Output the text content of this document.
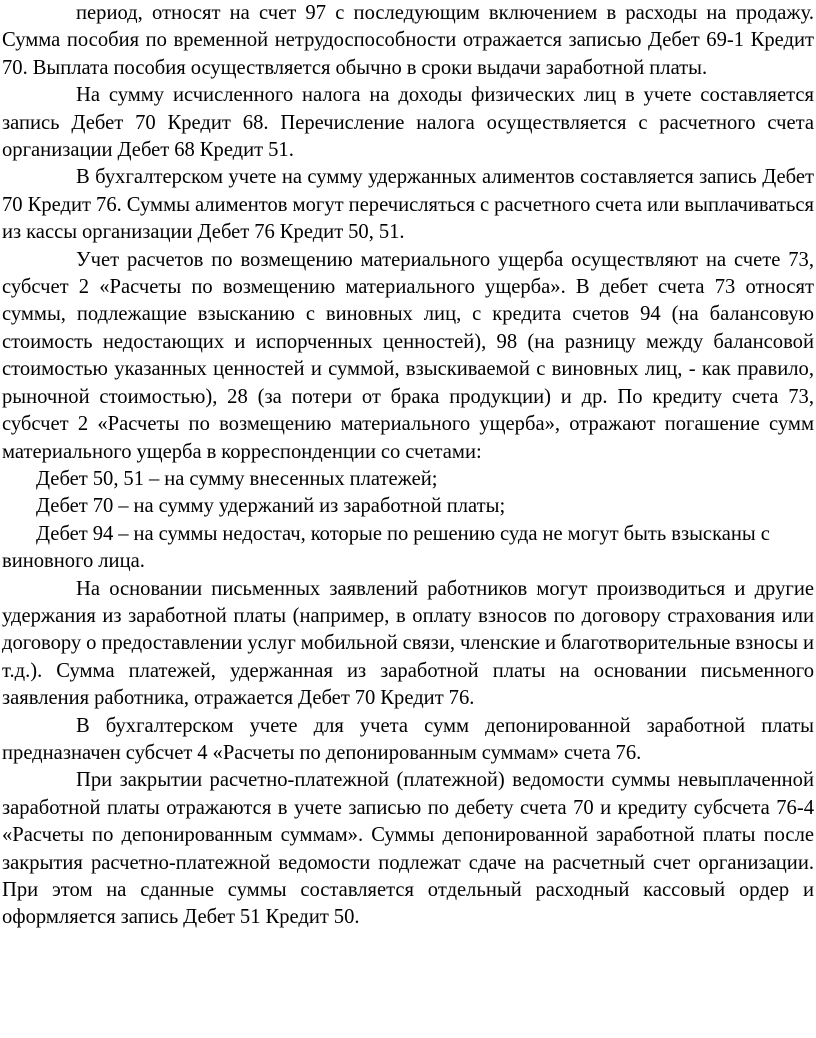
период, относят на счет 97 с последующим включением в расходы на продажу. Сумма пособия по временной нетрудоспособности отражается записью Дебет 69-1 Кредит 70. Выплата пособия осуществляется обычно в сроки выдачи заработной платы.

На сумму исчисленного налога на доходы физических лиц в учете составляется запись Дебет 70 Кредит 68. Перечисление налога осуществляется с расчетного счета организации Дебет 68 Кредит 51.

В бухгалтерском учете на сумму удержанных алиментов составляется запись Дебет 70 Кредит 76. Суммы алиментов могут перечисляться с расчетного счета или выплачиваться из кассы организации Дебет 76 Кредит 50, 51.

Учет расчетов по возмещению материального ущерба осуществляют на счете 73, субсчет 2 «Расчеты по возмещению материального ущерба». В дебет счета 73 относят суммы, подлежащие взысканию с виновных лиц, с кредита счетов 94 (на балансовую стоимость недостающих и испорченных ценностей), 98 (на разницу между балансовой стоимостью указанных ценностей и суммой, взыскиваемой с виновных лиц, - как правило, рыночной стоимостью), 28 (за потери от брака продукции) и др. По кредиту счета 73, субсчет 2 «Расчеты по возмещению материального ущерба», отражают погашение сумм материального ущерба в корреспонденции со счетами:

Дебет 50, 51 – на сумму внесенных платежей;

Дебет 70 – на сумму удержаний из заработной платы;

Дебет 94 – на суммы недостач, которые по решению суда не могут быть взысканы с виновного лица.

На основании письменных заявлений работников могут производиться и другие удержания из заработной платы (например, в оплату взносов по договору страхования или договору о предоставлении услуг мобильной связи, членские и благотворительные взносы и т.д.). Сумма платежей, удержанная из заработной платы на основании письменного заявления работника, отражается Дебет 70 Кредит 76.

В бухгалтерском учете для учета сумм депонированной заработной платы предназначен субсчет 4 «Расчеты по депонированным суммам» счета 76.

При закрытии расчетно-платежной (платежной) ведомости суммы невыплаченной заработной платы отражаются в учете записью по дебету счета 70 и кредиту субсчета 76-4 «Расчеты по депонированным суммам». Суммы депонированной заработной платы после закрытия расчетно-платежной ведомости подлежат сдаче на расчетный счет организации. При этом на сданные суммы составляется отдельный расходный кассовый ордер и оформляется запись Дебет 51 Кредит 50.
